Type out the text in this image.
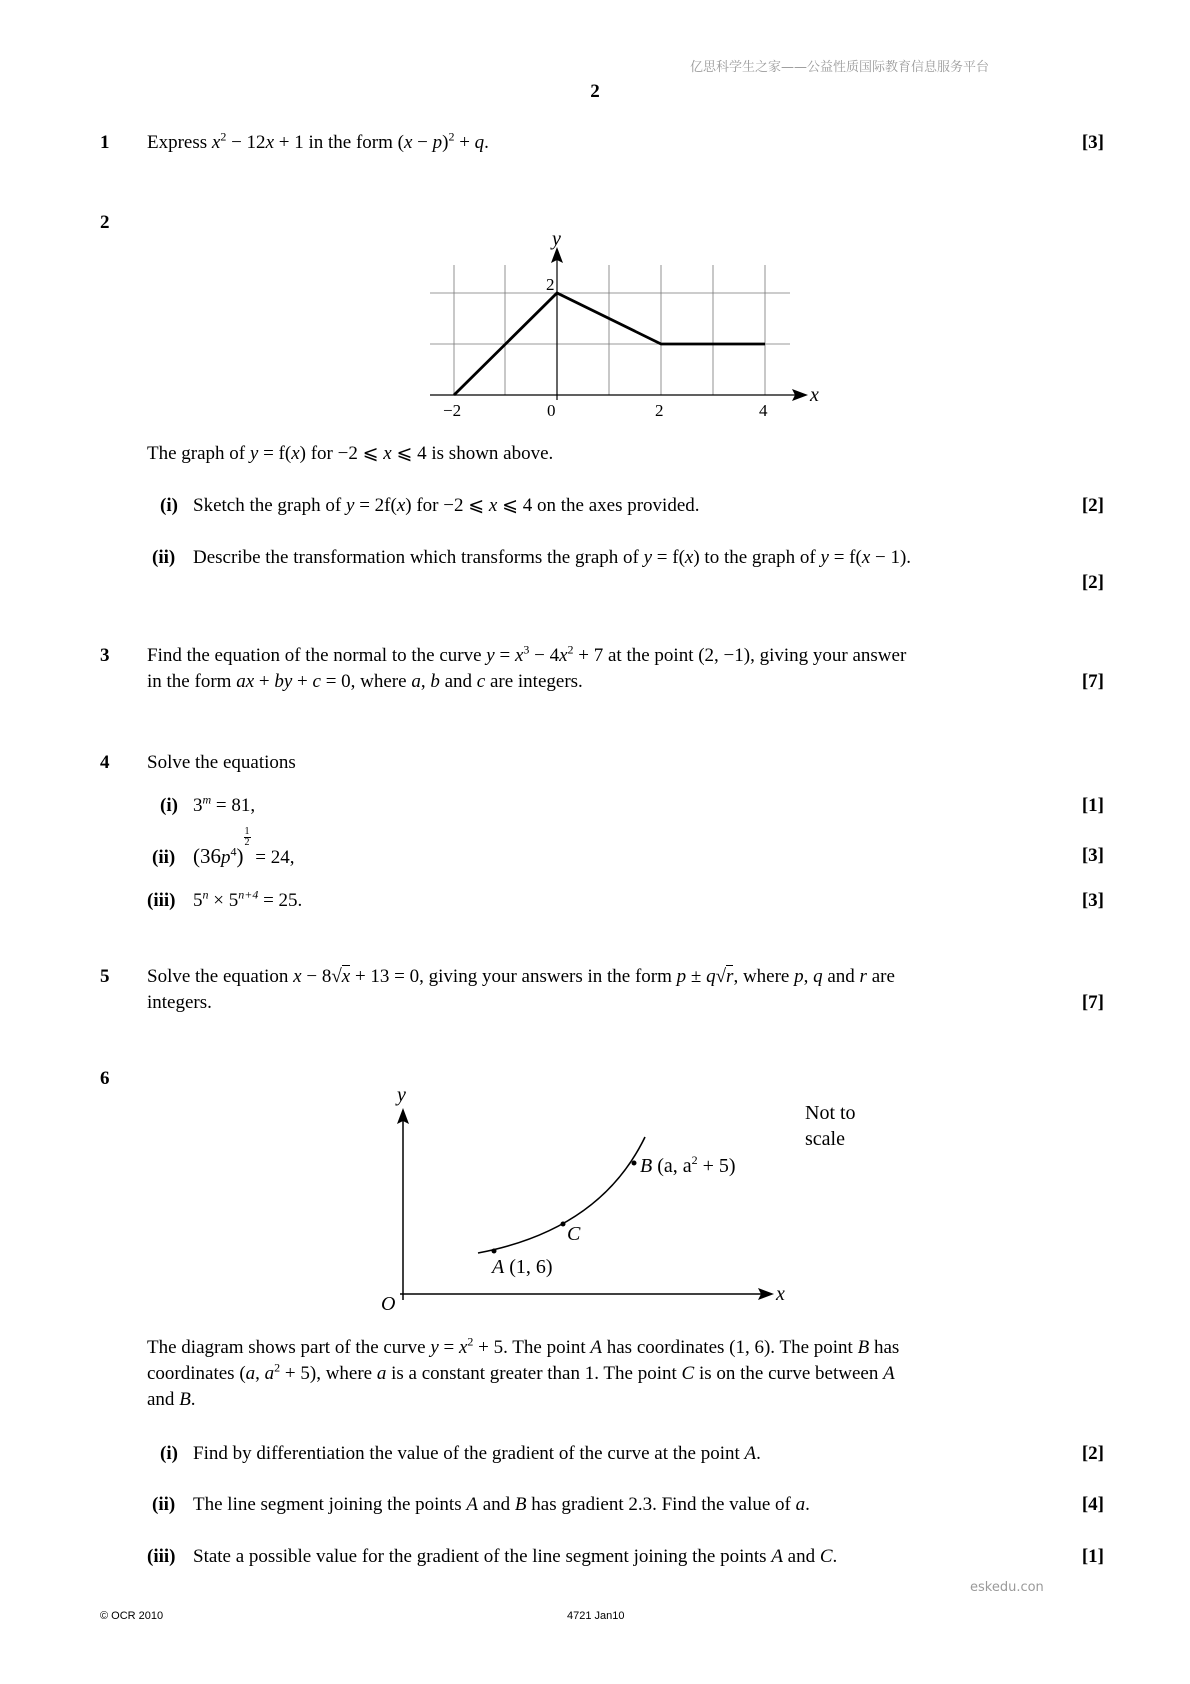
亿思科学生之家——公益性质国际教育信息服务平台
2
1 Express $x^2 - 12x + 1$ in the form $(x - p)^2 + q$.	[3]
2
y
2
x
−2	0	2	4
The graph of y = f(x) for −2 ⩽ x ⩽ 4 is shown above.
(i) Sketch the graph of y = 2f(x) for −2 ⩽ x ⩽ 4 on the axes provided.	[2]
(ii) Describe the transformation which transforms the graph of y = f(x) to the graph of y = f(x − 1).
[2]
3 Find the equation of the normal to the curve $y = x^3 - 4x^2 + 7$ at the point (2, −1), giving your answer
in the form ax + by + c = 0, where a, b and c are integers.	[7]
4 Solve the equations
(i) $3^m = 81$,	[1]
(ii) $(36p^4)$
$\frac{1}{2}$
= 24,	[3]
(iii) $5^n \times 5^{n+4} = 25$.	[3]
5 Solve the equation x − 8√x + 13 = 0, giving your answers in the form p ± q√r, where p, q and r are
integers.	[7]
6
y
x
O
Not to
scale
B (a, $a^2 + 5$)
C
A (1, 6)
The diagram shows part of the curve $y = x^2 + 5$. The point A has coordinates (1, 6). The point B has
coordinates (a, $a^2 + 5$), where a is a constant greater than 1. The point C is on the curve between A
and B.
(i) Find by differentiation the value of the gradient of the curve at the point A.	[2]
(ii) The line segment joining the points A and B has gradient 2.3. Find the value of a.	[4]
(iii) State a possible value for the gradient of the line segment joining the points A and C.	[1]
eskedu.con
© OCR 2010	4721 Jan10
